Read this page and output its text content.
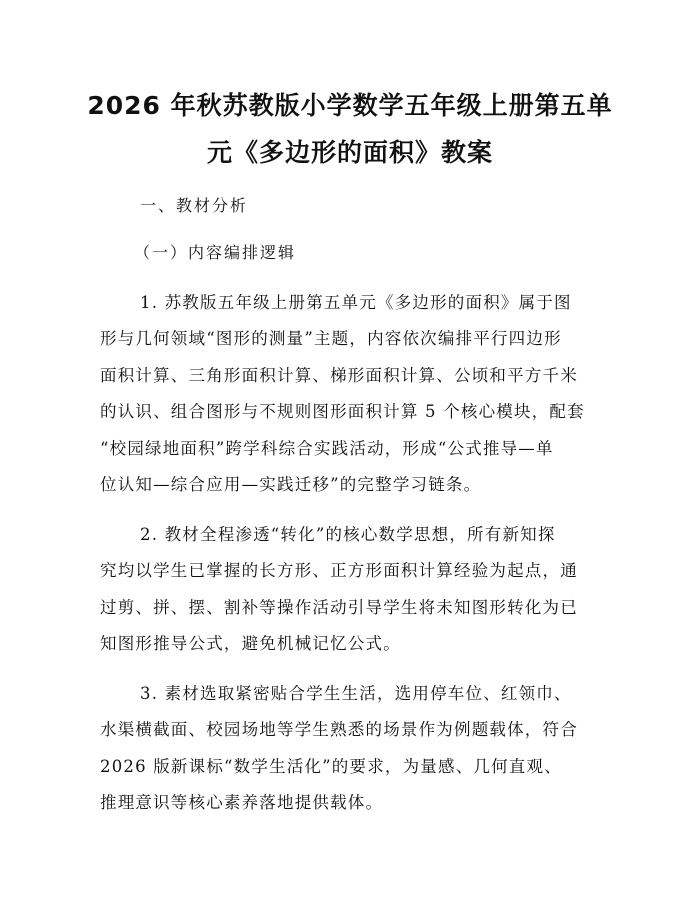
2026 年秋苏教版小学数学五年级上册第五单
元《多边形的面积》教案
一、教材分析
（一）内容编排逻辑
1. 苏教版五年级上册第五单元《多边形的面积》属于图
形与几何领域“图形的测量”主题，内容依次编排平行四边形
面积计算、三角形面积计算、梯形面积计算、公顷和平方千米
的认识、组合图形与不规则图形面积计算 5 个核心模块，配套
“校园绿地面积”跨学科综合实践活动，形成“公式推导—单
位认知—综合应用—实践迁移”的完整学习链条。
2. 教材全程渗透“转化”的核心数学思想，所有新知探
究均以学生已掌握的长方形、正方形面积计算经验为起点，通
过剪、拼、摆、割补等操作活动引导学生将未知图形转化为已
知图形推导公式，避免机械记忆公式。
3. 素材选取紧密贴合学生生活，选用停车位、红领巾、
水渠横截面、校园场地等学生熟悉的场景作为例题载体，符合
2026 版新课标“数学生活化”的要求，为量感、几何直观、
推理意识等核心素养落地提供载体。
